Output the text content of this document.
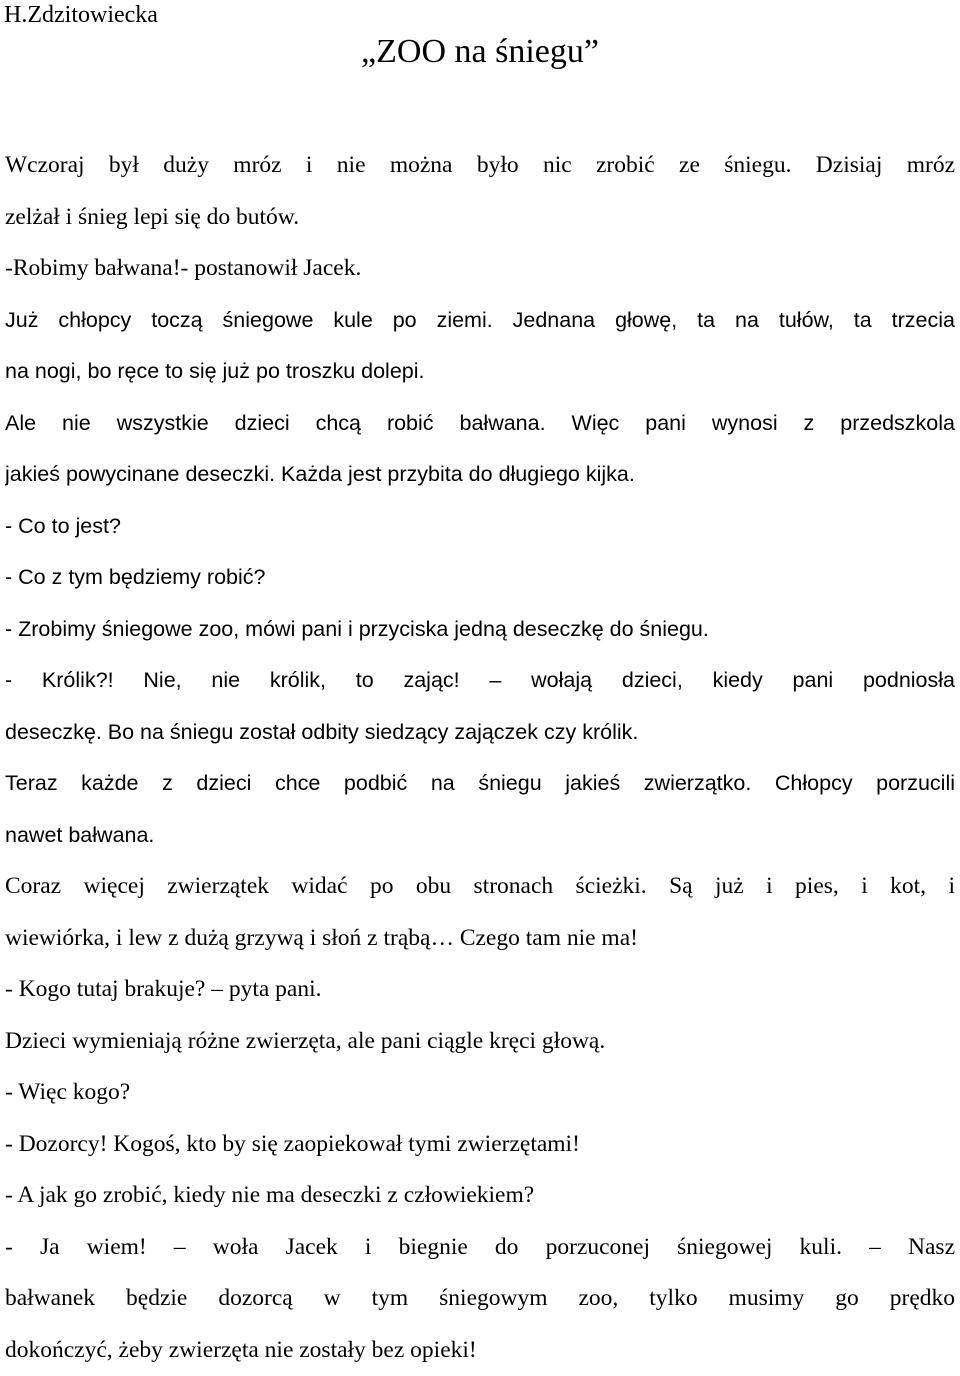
H.Zdzitowiecka
„ZOO na śniegu”
Wczoraj był duży mróz i nie można było nic zrobić ze śniegu. Dzisiaj mróz
zelżał i śnieg lepi się do butów.
-Robimy bałwana!- postanowił Jacek.
Już chłopcy toczą śniegowe kule po ziemi. Jednana głowę, ta na tułów, ta trzecia
na nogi, bo ręce to się już po troszku dolepi.
Ale nie wszystkie dzieci chcą robić bałwana. Więc pani wynosi z przedszkola
jakieś powycinane deseczki. Każda jest przybita do długiego kijka.
- Co to jest?
- Co z tym będziemy robić?
- Zrobimy śniegowe zoo, mówi pani i przyciska jedną deseczkę do śniegu.
- Królik?! Nie, nie królik, to zając! – wołają dzieci, kiedy pani podniosła
deseczkę. Bo na śniegu został odbity siedzący zajączek czy królik.
Teraz każde z dzieci chce podbić na śniegu jakieś zwierzątko. Chłopcy porzucili
nawet bałwana.
Coraz więcej zwierzątek widać po obu stronach ścieżki. Są już i pies, i kot, i
wiewiórka, i lew z dużą grzywą i słoń z trąbą… Czego tam nie ma!
- Kogo tutaj brakuje? – pyta pani.
Dzieci wymieniają różne zwierzęta, ale pani ciągle kręci głową.
- Więc kogo?
- Dozorcy! Kogoś, kto by się zaopiekował tymi zwierzętami!
- A jak go zrobić, kiedy nie ma deseczki z człowiekiem?
- Ja wiem! – woła Jacek i biegnie do porzuconej śniegowej kuli. – Nasz
bałwanek będzie dozorcą w tym śniegowym zoo, tylko musimy go prędko
dokończyć, żeby zwierzęta nie zostały bez opieki!
